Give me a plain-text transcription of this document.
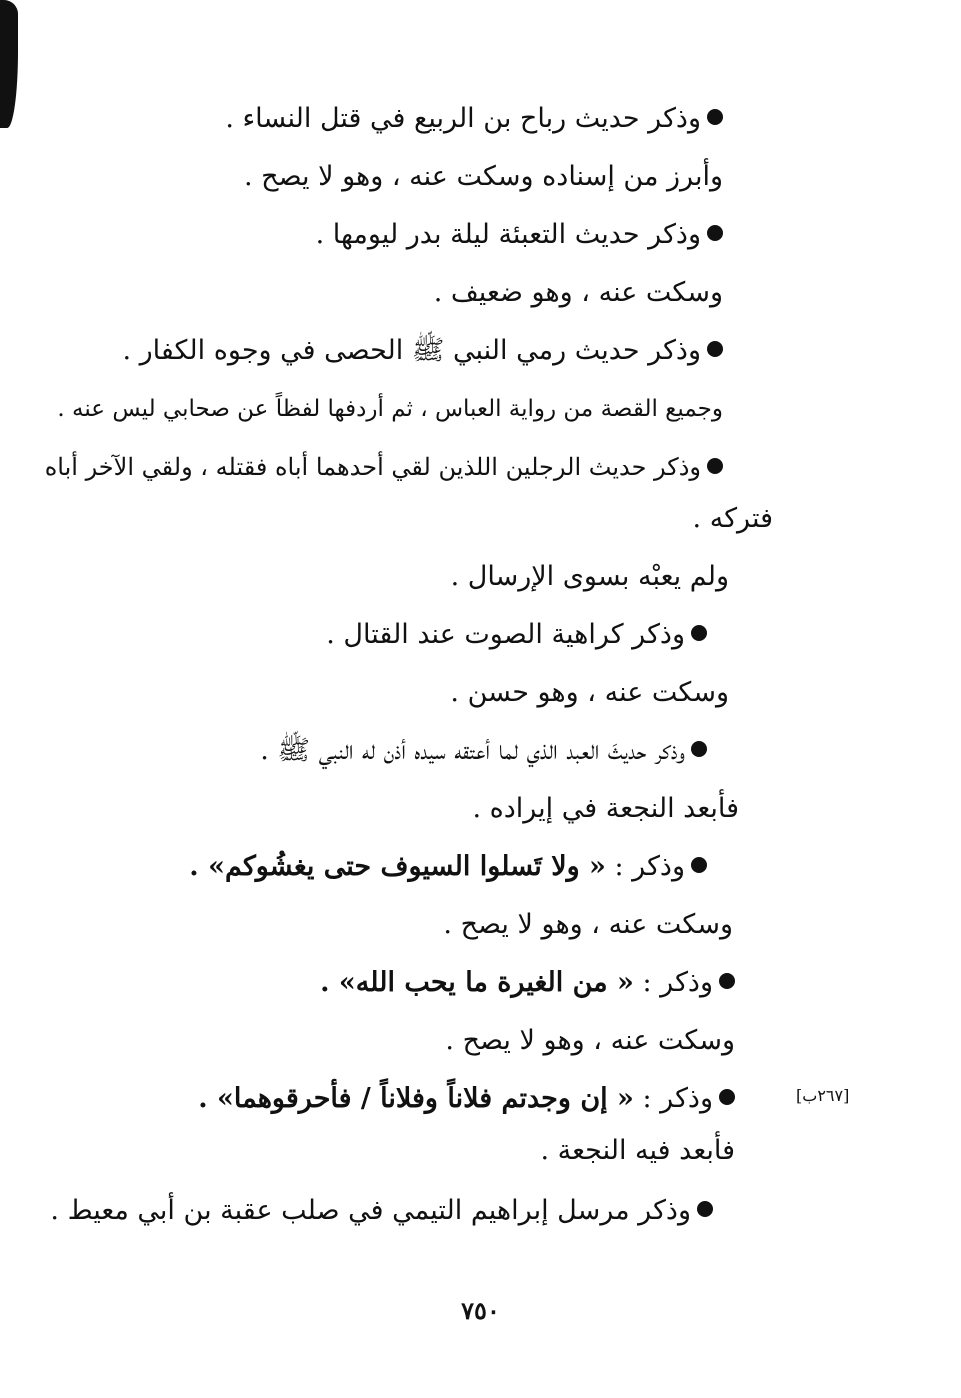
وذكر حديث رباح بن الربيع في قتل النساء .
وأبرز من إسناده وسكت عنه ، وهو لا يصح .
وذكر حديث التعبئة ليلة بدر ليومها .
وسكت عنه ، وهو ضعيف .
وذكر حديث رمي النبي ﷺ الحصى في وجوه الكفار .
وجميع القصة من رواية العباس ، ثم أردفها لفظاً عن صحابي ليس عنه .
وذكر حديث الرجلين اللذين لقي أحدهما أباه فقتله ، ولقي الآخر أباه
فتركه .
ولم يعبْه بسوى الإرسال .
وذكر كراهية الصوت عند القتال .
وسكت عنه ، وهو حسن .
وذكر حديثَ العبد الذي لما أعتقه سيده أذن له النبي ﷺ .
فأبعد النجعة في إيراده .
وذكر : « ولا تَسلوا السيوف حتى يغشُوكم» .
وسكت عنه ، وهو لا يصح .
وذكر : « من الغيرة ما يحب الله» .
وسكت عنه ، وهو لا يصح .
وذكر : « إن وجدتم فلاناً وفلاناً / فأحرقوهما» .	[٢٦٧ب]
فأبعد فيه النجعة .
وذكر مرسل إبراهيم التيمي في صلب عقبة بن أبي معيط .
٧٥٠
